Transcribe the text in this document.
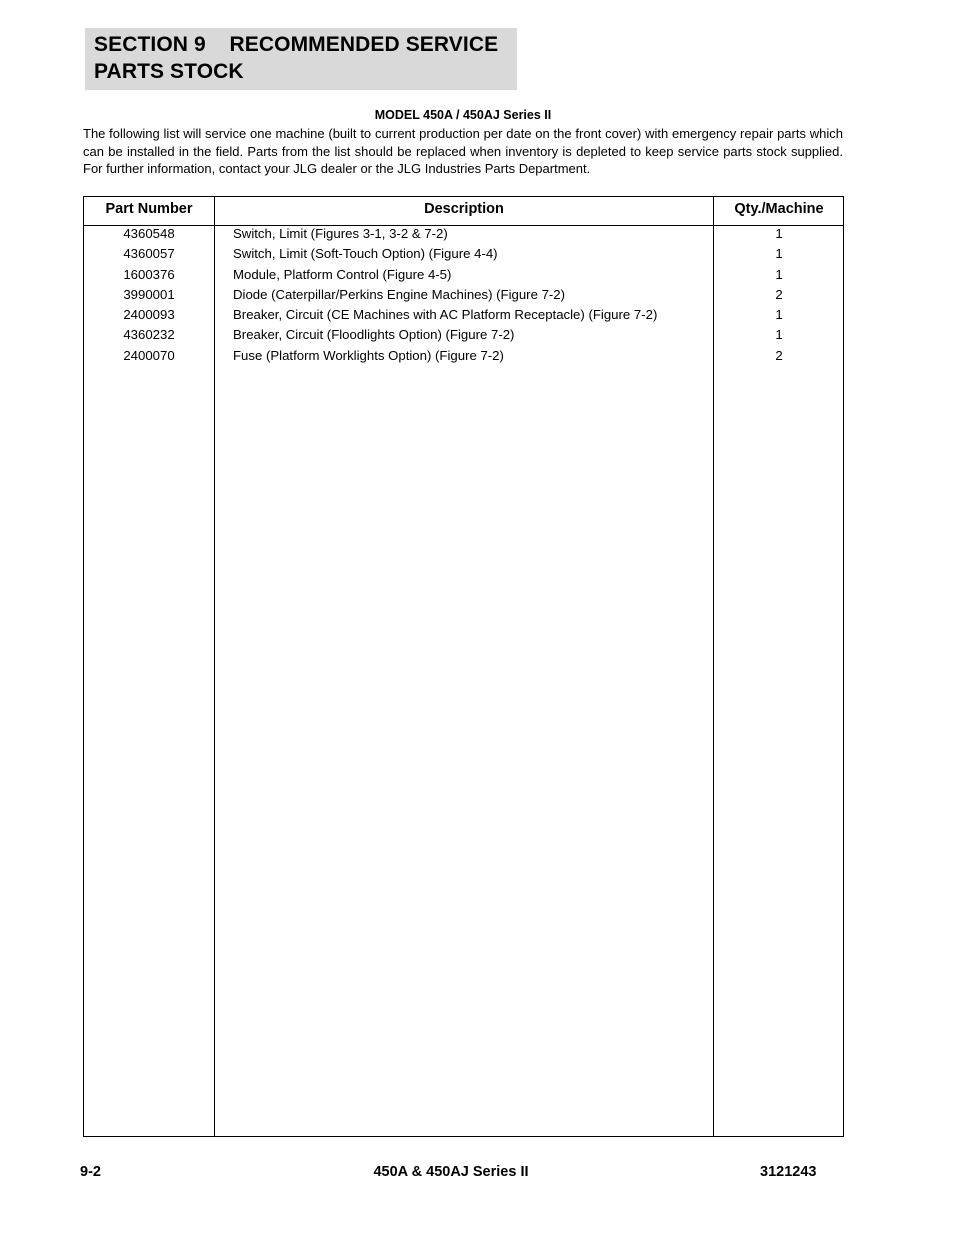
SECTION 9    RECOMMENDED SERVICE
PARTS STOCK
MODEL 450A / 450AJ Series II

The following list will service one machine (built to current production per date on the front cover) with emergency repair parts which can be installed in the field. Parts from the list should be replaced when inventory is depleted to keep service parts stock supplied. For further information, contact your JLG dealer or the JLG Industries Parts Department.

Part Number	Description	Qty./Machine
4360548	Switch, Limit (Figures 3-1, 3-2 & 7-2)	1
4360057	Switch, Limit (Soft-Touch Option) (Figure 4-4)	1
1600376	Module, Platform Control (Figure 4-5)	1
3990001	Diode (Caterpillar/Perkins Engine Machines) (Figure 7-2)	2
2400093	Breaker, Circuit (CE Machines with AC Platform Receptacle) (Figure 7-2)	1
4360232	Breaker, Circuit (Floodlights Option) (Figure 7-2)	1
2400070	Fuse (Platform Worklights Option) (Figure 7-2)	2
9-2	450A & 450AJ Series II	3121243
